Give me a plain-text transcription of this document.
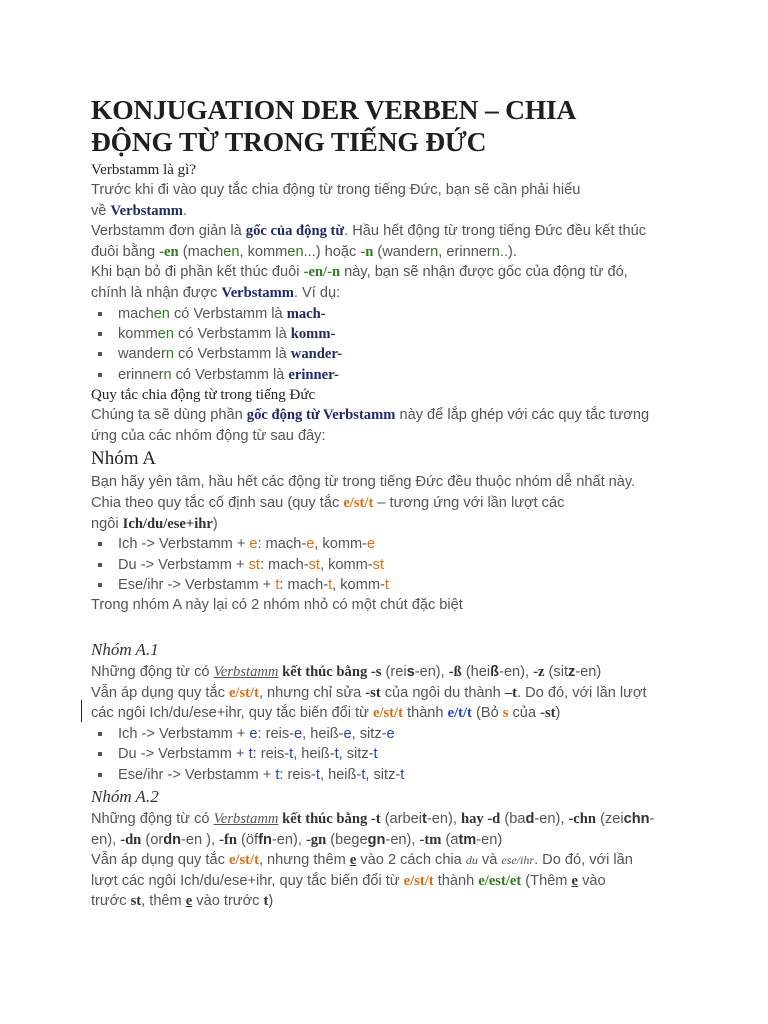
KONJUGATION DER VERBEN – CHIA
ĐỘNG TỪ TRONG TIẾNG ĐỨC
Verbstamm là gì?

Trước khi đi vào quy tắc chia động từ trong tiếng Đức, bạn sẽ cần phải hiểu
về Verbstamm.

Verbstamm đơn giản là gốc của động từ. Hầu hết động từ trong tiếng Đức đều kết thúc
đuôi bằng -en (machen, kommen...) hoặc -n (wandern, erinnern..).

Khi bạn bỏ đi phần kết thúc đuôi -en/-n này, bạn sẽ nhận được gốc của động từ đó,
chính là nhận được Verbstamm. Ví dụ:

machen có Verbstamm là mach-
kommen có Verbstamm là komm-
wandern có Verbstamm là wander-
erinnern có Verbstamm là erinner-
Quy tắc chia động từ trong tiếng Đức

Chúng ta sẽ dùng phần gốc động từ Verbstamm này để lắp ghép với các quy tắc tương
ứng của các nhóm động từ sau đây:

Nhóm A

Bạn hãy yên tâm, hầu hết các động từ trong tiếng Đức đều thuộc nhóm dễ nhất này.

Chia theo quy tắc cố định sau (quy tắc e/st/t – tương ứng với lần lượt các
ngôi Ich/du/ese+ihr)

Ich -> Verbstamm + e: mach-e, komm-e
Du -> Verbstamm + st: mach-st, komm-st
Ese/ihr -> Verbstamm + t: mach-t, komm-t

Trong nhóm A này lại có 2 nhóm nhỏ có một chút đặc biệt

Nhóm A.1

Những động từ có Verbstamm kết thúc bằng -s (reis-en), -ß (heiß-en), -z (sitz-en)

Vẫn áp dụng quy tắc e/st/t, nhưng chỉ sửa -st của ngôi du thành –t. Do đó, với lần lượt
các ngôi Ich/du/ese+ihr, quy tắc biến đổi từ e/st/t thành e/t/t (Bỏ s của -st)

Ich -> Verbstamm + e: reis-e, heiß-e, sitz-e
Du -> Verbstamm + t: reis-t, heiß-t, sitz-t
Ese/ihr -> Verbstamm + t: reis-t, heiß-t, sitz-t
Nhóm A.2

Những động từ có Verbstamm kết thúc bằng -t (arbeit-en), hay -d (bad-en), -chn (zeichn-
en), -dn (ordn-en ), -fn (öffn-en), -gn (begegn-en), -tm (atm-en)

Vẫn áp dụng quy tắc e/st/t, nhưng thêm e vào 2 cách chia du và ese/ihr. Do đó, với lần
lượt các ngôi Ich/du/ese+ihr, quy tắc biến đổi từ e/st/t thành e/est/et (Thêm e vào
trước st, thêm e vào trước t)
